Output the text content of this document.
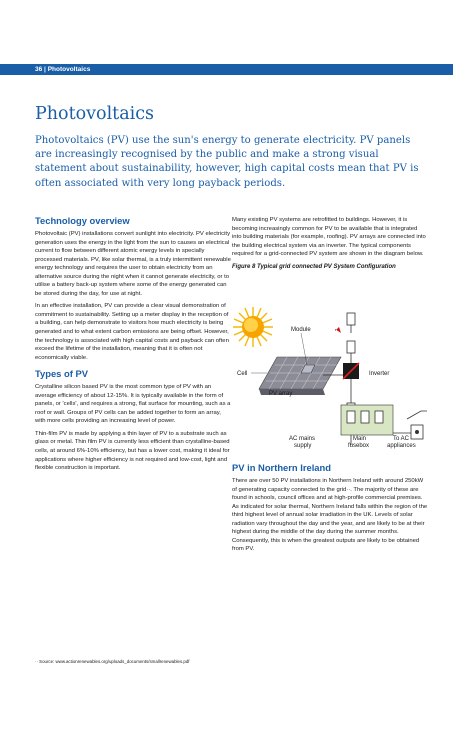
36 | Photovoltaics
Photovoltaics
Photovoltaics (PV) use the sun's energy to generate electricity. PV panels are increasingly recognised by the public and make a strong visual statement about sustainability, however, high capital costs mean that PV is often associated with very long payback periods.
Technology overview

Photovoltaic (PV) installations convert sunlight into electricity. PV electricity generation uses the energy in the light from the sun to causes an electrical current to flow between different atomic energy levels in specially processed materials. PV, like solar thermal, is a truly intermittent renewable energy technology and requires the user to obtain electricity from an alternative source during the night when it cannot generate electricity, or to utilise a battery back-up system where some of the energy generated can be stored during the day, for use at night.

In an effective installation, PV can provide a clear visual demonstration of commitment to sustainability. Setting up a meter display in the reception of a building, can help demonstrate to visitors how much electricity is being generated and to what extent carbon emissions are being offset. However, the technology is associated with high capital costs and payback can often exceed the lifetime of the installation, meaning that it is often not economically viable.

Types of PV

Crystalline silicon based PV is the most common type of PV with an average efficiency of about 12-15%. It is typically available in the form of panels, or 'cells', and requires a strong, flat surface for mounting, such as a roof or wall. Groups of PV cells can be added together to form an array, with more cells providing an increasing level of power.

Thin-film PV is made by applying a thin layer of PV to a substrate such as glass or metal. Thin film PV is currently less efficient than crystalline-based cells, at around 6%-10% efficiency, but has a lower cost, making it ideal for applications where higher efficiency is not required and low-cost, light and flexible construction is important.

Many existing PV systems are retrofitted to buildings. However, it is becoming increasingly common for PV to be available that is integrated into building materials (for example, roofing). PV arrays are connected into the building electrical system via an inverter. The typical components required for a grid-connected PV system are shown in the diagram below.

Figure 8 Typical grid connected PV System Configuration

Module
Cell
PV array
Inverter
AC mains
supply
Main
fusebox
To AC
appliances
PV in Northern Ireland

There are over 50 PV installations in Northern Ireland with around 250kW of generating capacity connected to the grid··. The majority of these are found in schools, council offices and at high-profile commercial premises. As indicated for solar thermal, Northern Ireland falls within the region of the third highest level of annual solar irradiation in the UK. Levels of solar radiation vary throughout the day and the year, and are likely to be at their highest during the middle of the day during the summer months. Consequently, this is when the greatest outputs are likely to be obtained from PV.

·· Source: www.actionrenewables.org/uploads_documents/smallrenewables.pdf
